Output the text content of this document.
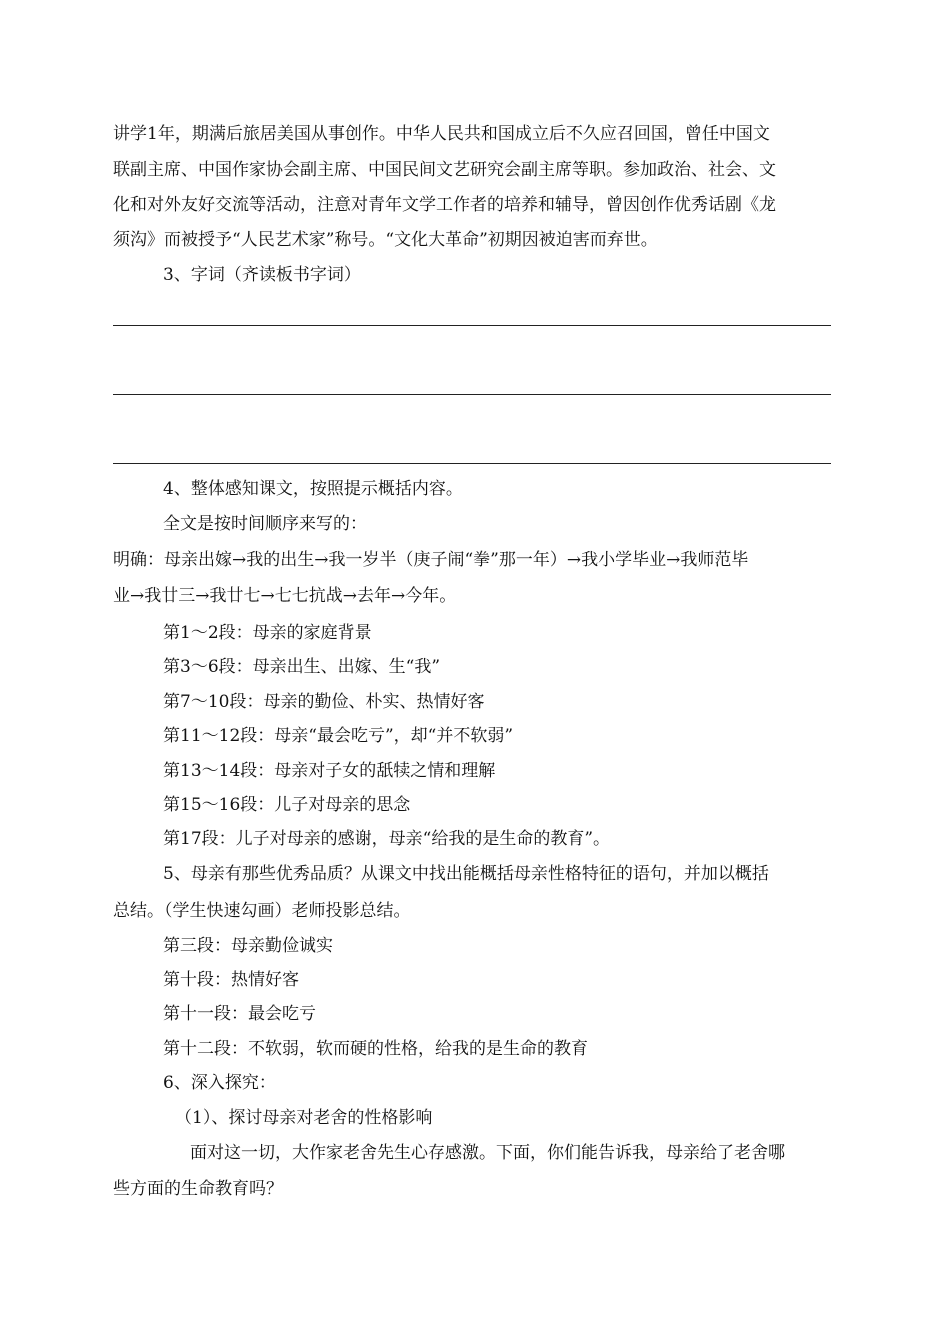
讲学1年，期满后旅居美国从事创作。中华人民共和国成立后不久应召回国，曾任中国文
联副主席、中国作家协会副主席、中国民间文艺研究会副主席等职。参加政治、社会、文
化和对外友好交流等活动，注意对青年文学工作者的培养和辅导，曾因创作优秀话剧《龙
须沟》而被授予“人民艺术家”称号。“文化大革命”初期因被迫害而弃世。
3、字词（齐读板书字词）
4、整体感知课文，按照提示概括内容。
全文是按时间顺序来写的：
明确：母亲出嫁→我的出生→我一岁半（庚子闹“拳”那一年）→我小学毕业→我师范毕
业→我廿三→我廿七→七七抗战→去年→今年。
第1～2段：母亲的家庭背景
第3～6段：母亲出生、出嫁、生“我”
第7～10段：母亲的勤俭、朴实、热情好客
第11～12段：母亲“最会吃亏”，却“并不软弱”
第13～14段：母亲对子女的舐犊之情和理解
第15～16段：儿子对母亲的思念
第17段：儿子对母亲的感谢，母亲“给我的是生命的教育”。
5、母亲有那些优秀品质？从课文中找出能概括母亲性格特征的语句，并加以概括
总结。（学生快速勾画）老师投影总结。
第三段：母亲勤俭诚实
第十段：热情好客
第十一段：最会吃亏
第十二段：不软弱，软而硬的性格，给我的是生命的教育
6、深入探究：
（1）、探讨母亲对老舍的性格影响
面对这一切，大作家老舍先生心存感激。下面，你们能告诉我，母亲给了老舍哪
些方面的生命教育吗？
